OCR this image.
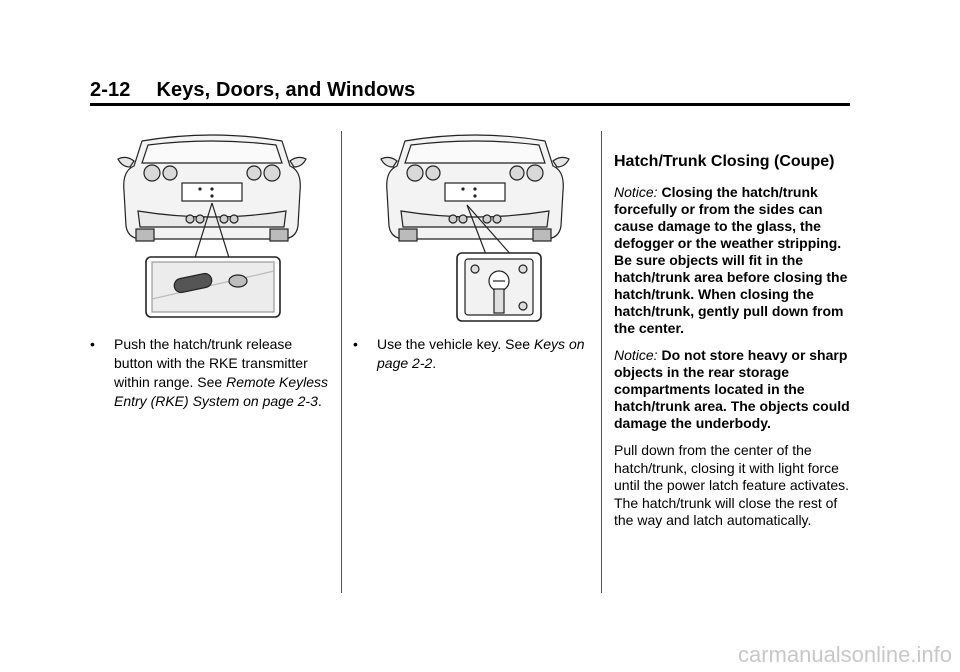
2-12 Keys, Doors, and Windows
• Push the hatch/trunk release button with the RKE transmitter within range. See Remote Keyless Entry (RKE) System on page 2-3.
• Use the vehicle key. See Keys on page 2-2.
Hatch/Trunk Closing (Coupe)

Notice: Closing the hatch/trunk forcefully or from the sides can cause damage to the glass, the defogger or the weather stripping. Be sure objects will fit in the hatch/trunk area before closing the hatch/trunk. When closing the hatch/trunk, gently pull down from the center.

Notice: Do not store heavy or sharp objects in the rear storage compartments located in the hatch/trunk area. The objects could damage the underbody.

Pull down from the center of the hatch/trunk, closing it with light force until the power latch feature activates. The hatch/trunk will close the rest of the way and latch automatically.

carmanualsonline.info
